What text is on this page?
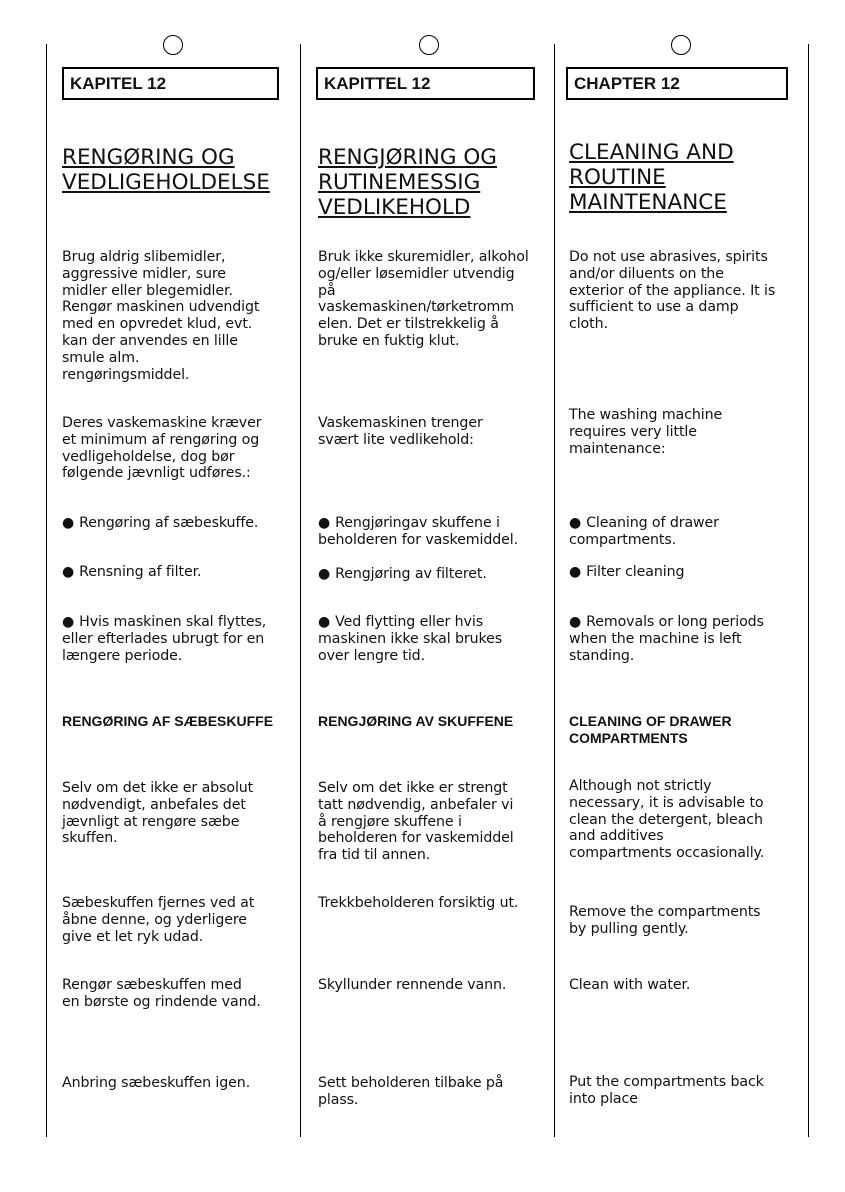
KAPITEL 12
RENGØRING OG
VEDLIGEHOLDELSE
Brug aldrig slibemidler,
aggressive midler, sure
midler eller blegemidler.
Rengør maskinen udvendigt
med en opvredet klud, evt.
kan der anvendes en lille
smule alm.
rengøringsmiddel.
Deres vaskemaskine kræver
et minimum af rengøring og
vedligeholdelse, dog bør
følgende jævnligt udføres.:
● Rengøring af sæbeskuffe.
● Rensning af filter.
● Hvis maskinen skal flyttes,
eller efterlades ubrugt for en
længere periode.
RENGØRING AF SÆBESKUFFE
Selv om det ikke er absolut
nødvendigt, anbefales det
jævnligt at rengøre sæbe
skuffen.
Sæbeskuffen fjernes ved at
åbne denne, og yderligere
give et let ryk udad.
Rengør sæbeskuffen med
en børste og rindende vand.
Anbring sæbeskuffen igen.
KAPITTEL 12
RENGJØRING OG
RUTINEMESSIG
VEDLIKEHOLD
Bruk ikke skuremidler, alkohol
og/eller løsemidler utvendig
på
vaskemaskinen/tørketromm
elen. Det er tilstrekkelig å
bruke en fuktig klut.
Vaskemaskinen trenger
svært lite vedlikehold:
● Rengjøringav skuffene i
beholderen for vaskemiddel.
● Rengjøring av filteret.
● Ved flytting eller hvis
maskinen ikke skal brukes
over lengre tid.
RENGJØRING AV SKUFFENE
Selv om det ikke er strengt
tatt nødvendig, anbefaler vi
å rengjøre skuffene i
beholderen for vaskemiddel
fra tid til annen.
Trekkbeholderen forsiktig ut.
Skyllunder rennende vann.
Sett beholderen tilbake på
plass.
CHAPTER 12
CLEANING AND
ROUTINE
MAINTENANCE
Do not use abrasives, spirits
and/or diluents on the
exterior of the appliance. It is
sufficient to use a damp
cloth.
The washing machine
requires very little
maintenance:
● Cleaning of drawer
compartments.
● Filter cleaning
● Removals or long periods
when the machine is left
standing.
CLEANING OF DRAWER
COMPARTMENTS
Although not strictly
necessary, it is advisable to
clean the detergent, bleach
and additives
compartments occasionally.
Remove the compartments
by pulling gently.
Clean with water.
Put the compartments back
into place
